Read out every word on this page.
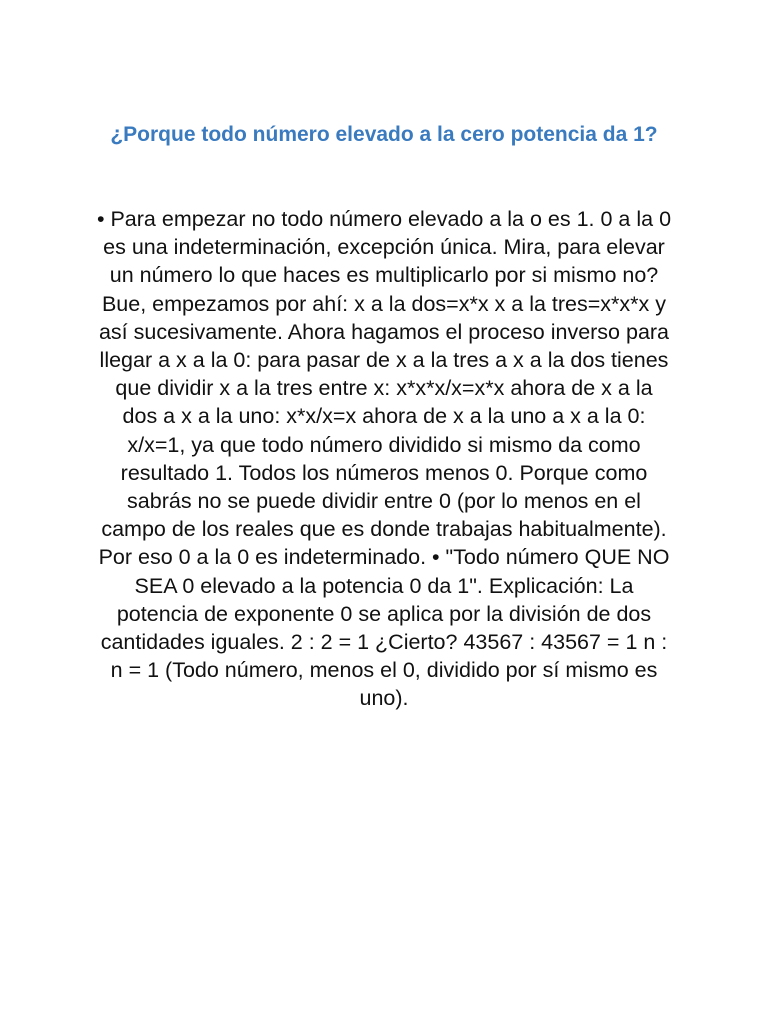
¿Porque todo número elevado a la cero potencia da 1?

• Para empezar no todo número elevado a la o es 1. 0 a la 0 es una indeterminación, excepción única. Mira, para elevar un número lo que haces es multiplicarlo por si mismo no? Bue, empezamos por ahí: x a la dos=x*x x a la tres=x*x*x y así sucesivamente. Ahora hagamos el proceso inverso para llegar a x a la 0: para pasar de x a la tres a x a la dos tienes que dividir x a la tres entre x: x*x*x/x=x*x ahora de x a la dos a x a la uno: x*x/x=x ahora de x a la uno a x a la 0: x/x=1, ya que todo número dividido si mismo da como resultado 1. Todos los números menos 0. Porque como sabrás no se puede dividir entre 0 (por lo menos en el campo de los reales que es donde trabajas habitualmente). Por eso 0 a la 0 es indeterminado. • "Todo número QUE NO SEA 0 elevado a la potencia 0 da 1". Explicación: La potencia de exponente 0 se aplica por la división de dos cantidades iguales. 2 : 2 = 1 ¿Cierto? 43567 : 43567 = 1 n : n = 1 (Todo número, menos el 0, dividido por sí mismo es uno).
